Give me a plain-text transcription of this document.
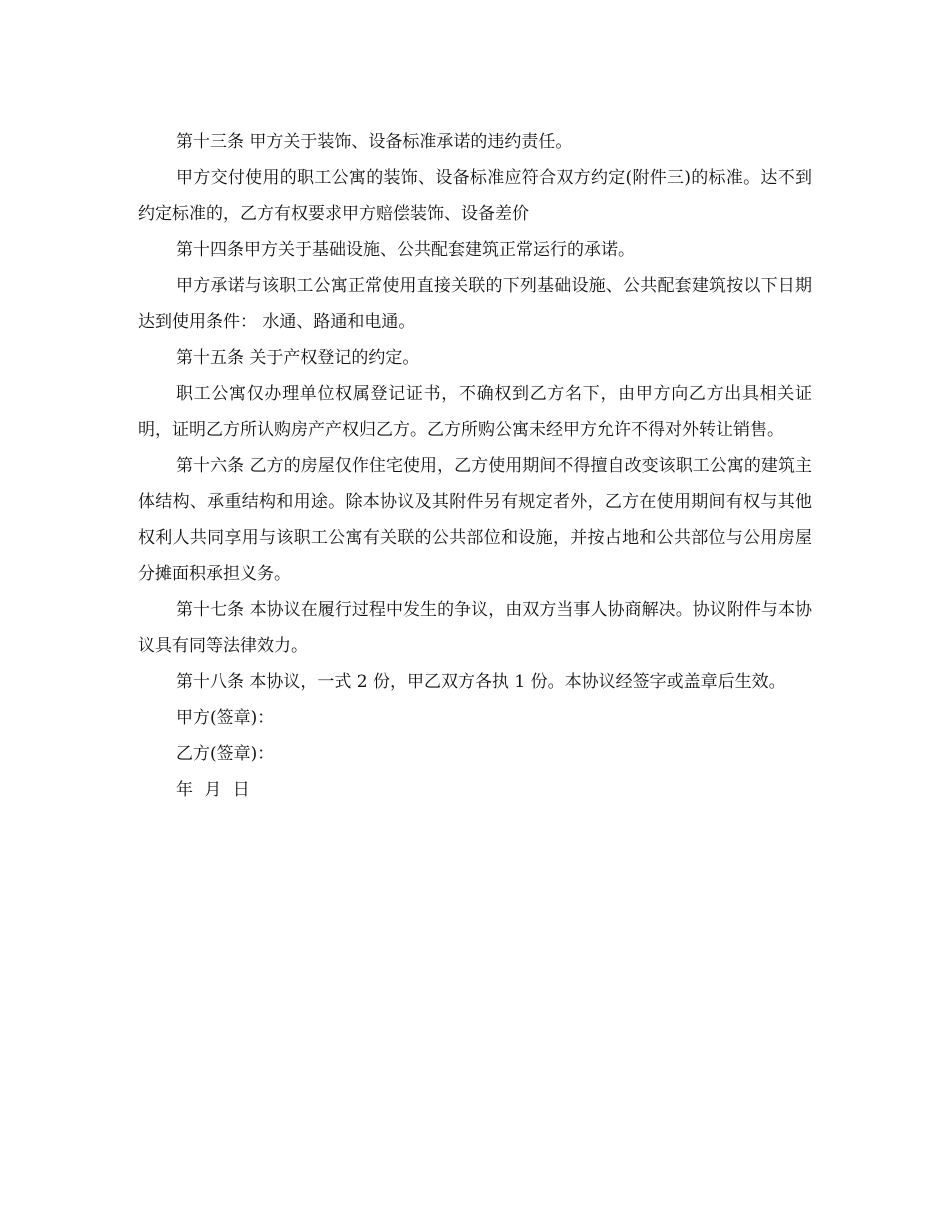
第十三条 甲方关于装饰、设备标准承诺的违约责任。

甲方交付使用的职工公寓的装饰、设备标准应符合双方约定(附件三)的标准。达不到约定标准的，乙方有权要求甲方赔偿装饰、设备差价

第十四条甲方关于基础设施、公共配套建筑正常运行的承诺。

甲方承诺与该职工公寓正常使用直接关联的下列基础设施、公共配套建筑按以下日期达到使用条件： 水通、路通和电通。

第十五条 关于产权登记的约定。

职工公寓仅办理单位权属登记证书，不确权到乙方名下，由甲方向乙方出具相关证明，证明乙方所认购房产产权归乙方。乙方所购公寓未经甲方允许不得对外转让销售。

第十六条 乙方的房屋仅作住宅使用，乙方使用期间不得擅自改变该职工公寓的建筑主体结构、承重结构和用途。除本协议及其附件另有规定者外，乙方在使用期间有权与其他权利人共同享用与该职工公寓有关联的公共部位和设施，并按占地和公共部位与公用房屋分摊面积承担义务。

第十七条 本协议在履行过程中发生的争议，由双方当事人协商解决。协议附件与本协议具有同等法律效力。

第十八条 本协议，一式 2 份，甲乙双方各执 1 份。本协议经签字或盖章后生效。

甲方(签章)：

乙方(签章)：

年 月 日
